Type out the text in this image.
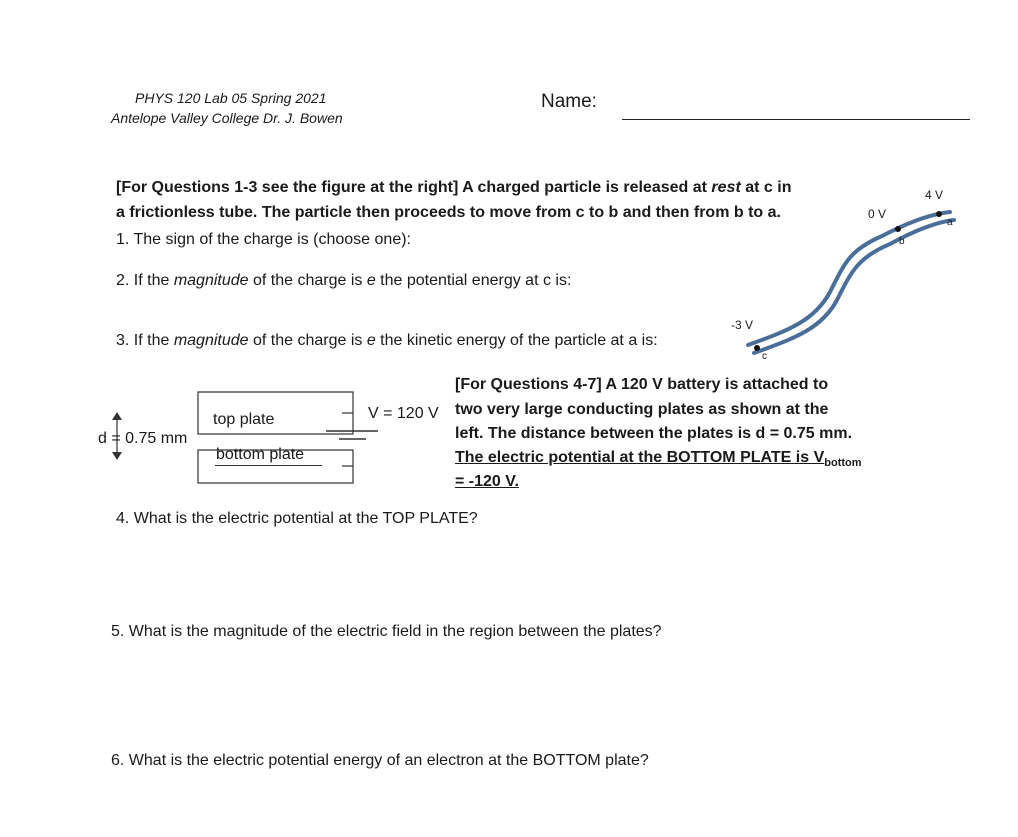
PHYS 120 Lab 05 Spring 2021
Antelope Valley College Dr. J. Bowen
Name:
[For Questions 1-3 see the figure at the right] A charged particle is released at rest at c in
a frictionless tube. The particle then proceeds to move from c to b and then from b to a.
1. The sign of the charge is (choose one):
2. If the magnitude of the charge is e the potential energy at c is:
3. If the magnitude of the charge is e the kinetic energy of the particle at a is:
4 V
0 V
-3 V
a
b
c
top plate
bottom plate
d = 0.75 mm
V = 120 V
[For Questions 4-7] A 120 V battery is attached to
two very large conducting plates as shown at the
left. The distance between the plates is d = 0.75 mm.
The electric potential at the BOTTOM PLATE is $V_{bottom}$
= -120 V.
4. What is the electric potential at the TOP PLATE?
5. What is the magnitude of the electric field in the region between the plates?
6. What is the electric potential energy of an electron at the BOTTOM plate?
